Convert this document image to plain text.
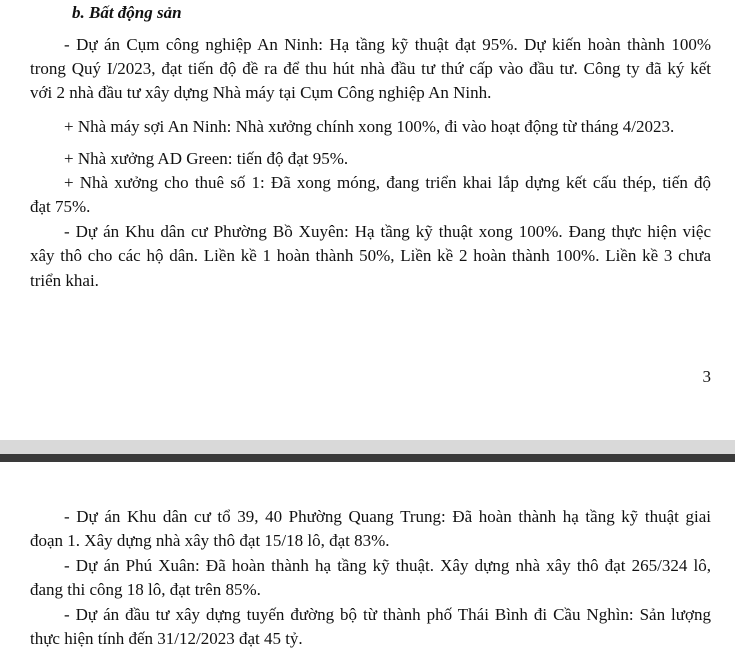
b. Bất động sản
- Dự án Cụm công nghiệp An Ninh: Hạ tầng kỹ thuật đạt 95%. Dự kiến hoàn thành 100%
trong Quý I/2023, đạt tiến độ đề ra để thu hút nhà đầu tư thứ cấp vào đầu tư. Công ty đã ký kết
với 2 nhà đầu tư xây dựng Nhà máy tại Cụm Công nghiệp An Ninh.
+ Nhà máy sợi An Ninh: Nhà xưởng chính xong 100%, đi vào hoạt động từ tháng 4/2023.
+ Nhà xưởng AD Green: tiến độ đạt 95%.
+ Nhà xưởng cho thuê số 1: Đã xong móng, đang triển khai lắp dựng kết cấu thép, tiến độ
đạt 75%.
- Dự án Khu dân cư Phường Bồ Xuyên: Hạ tầng kỹ thuật xong 100%. Đang thực hiện việc
xây thô cho các hộ dân. Liền kề 1 hoàn thành 50%, Liền kề 2 hoàn thành 100%. Liền kề 3 chưa
triển khai.
3
- Dự án Khu dân cư tổ 39, 40 Phường Quang Trung: Đã hoàn thành hạ tầng kỹ thuật giai
đoạn 1. Xây dựng nhà xây thô đạt 15/18 lô, đạt 83%.
- Dự án Phú Xuân: Đã hoàn thành hạ tầng kỹ thuật. Xây dựng nhà xây thô đạt 265/324 lô,
đang thi công 18 lô, đạt trên 85%.
- Dự án đầu tư xây dựng tuyến đường bộ từ thành phố Thái Bình đi Cầu Nghìn: Sản lượng
thực hiện tính đến 31/12/2023 đạt 45 tỷ.
